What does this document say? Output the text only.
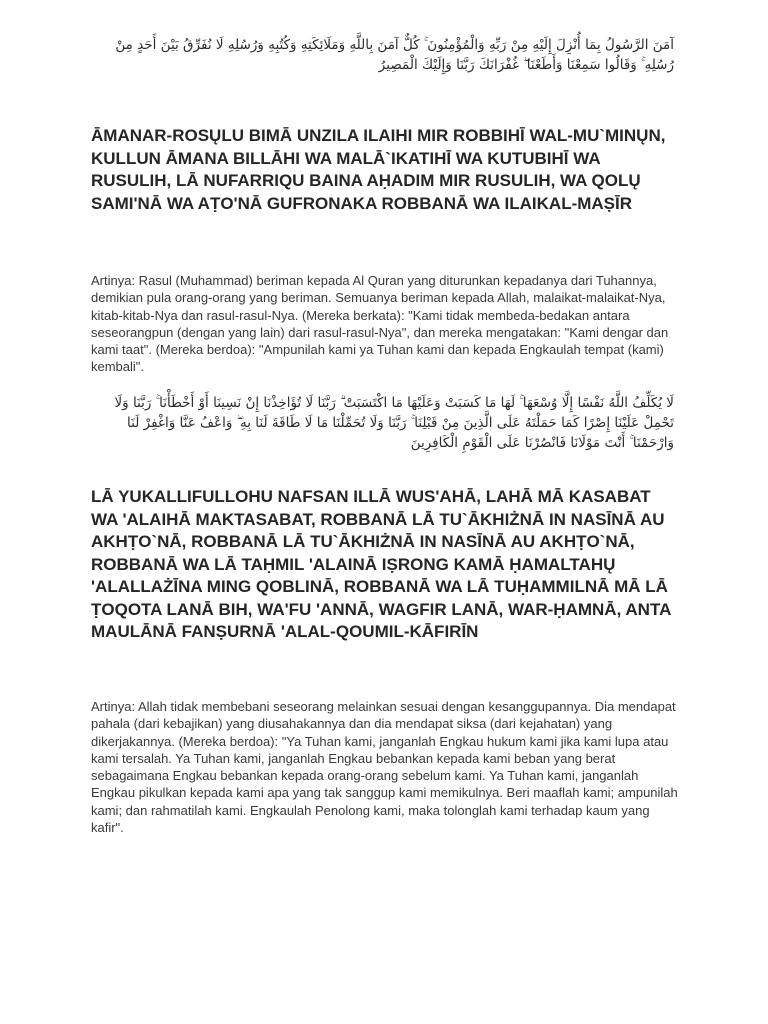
آمَنَ الرَّسُولُ بِمَا أُنْزِلَ إِلَيْهِ مِنْ رَبِّهِ وَالْمُؤْمِنُونَ ۚ كُلٌّ آمَنَ بِاللَّهِ وَمَلَائِكَتِهِ وَكُتُبِهِ وَرُسُلِهِ لَا نُفَرِّقُ بَيْنَ أَحَدٍ مِنْ رُسُلِهِ ۚ وَقَالُوا سَمِعْنَا وَأَطَعْنَا ۖ غُفْرَانَكَ رَبَّنَا وَإِلَيْكَ الْمَصِيرُ
ĀMANAR-ROSŲLU BIMĀ UNZILA ILAIHI MIR ROBBIHĪ WAL-MU`MINŲN, KULLUN ĀMANA BILLĀHI WA MALĀ`IKATIHĪ WA KUTUBIHĪ WA RUSULIH, LĀ NUFARRIQU BAINA AḤADIM MIR RUSULIH, WA QOLŲ SAMI'NĀ WA AṬO'NĀ GUFRONAKA ROBBANĀ WA ILAIKAL-MAṢĪR

Artinya: Rasul (Muhammad) beriman kepada Al Quran yang diturunkan kepadanya dari Tuhannya, demikian pula orang-orang yang beriman. Semuanya beriman kepada Allah, malaikat-malaikat-Nya, kitab-kitab-Nya dan rasul-rasul-Nya. (Mereka berkata): "Kami tidak membeda-bedakan antara seseorangpun (dengan yang lain) dari rasul-rasul-Nya", dan mereka mengatakan: "Kami dengar dan kami taat". (Mereka berdoa): "Ampunilah kami ya Tuhan kami dan kepada Engkaulah tempat (kami) kembali".

لَا يُكَلِّفُ اللَّهُ نَفْسًا إِلَّا وُسْعَهَا ۚ لَهَا مَا كَسَبَتْ وَعَلَيْهَا مَا اكْتَسَبَتْ ۗ رَبَّنَا لَا تُؤَاخِذْنَا إِنْ نَسِينَا أَوْ أَخْطَأْنَا ۚ رَبَّنَا وَلَا تَحْمِلْ عَلَيْنَا إِصْرًا كَمَا حَمَلْتَهُ عَلَى الَّذِينَ مِنْ قَبْلِنَا ۚ رَبَّنَا وَلَا تُحَمِّلْنَا مَا لَا طَاقَةَ لَنَا بِهِ ۖ وَاعْفُ عَنَّا وَاغْفِرْ لَنَا وَارْحَمْنَا ۚ أَنْتَ مَوْلَانَا فَانْصُرْنَا عَلَى الْقَوْمِ الْكَافِرِينَ
LĀ YUKALLIFULLOHU NAFSAN ILLĀ WUS'AHĀ, LAHĀ MĀ KASABAT WA 'ALAIHĀ MAKTASABAT, ROBBANĀ LĀ TU`ĀKHIŻNĀ IN NASĪNĀ AU AKHṬO`NĀ, ROBBANĀ LĀ TU`ĀKHIŻNĀ IN NASĪNĀ AU AKHṬO`NĀ, ROBBANĀ WA LĀ TAḤMIL 'ALAINĀ IṢRONG KAMĀ ḤAMALTAHŲ 'ALALLAŻĪNA MING QOBLINĀ, ROBBANĀ WA LĀ TUḤAMMILNĀ MĀ LĀ ṬOQOTA LANĀ BIH, WA'FU 'ANNĀ, WAGFIR LANĀ, WAR-ḤAMNĀ, ANTA MAULĀNĀ FANṢURNĀ 'ALAL-QOUMIL-KĀFIRĪN

Artinya: Allah tidak membebani seseorang melainkan sesuai dengan kesanggupannya. Dia mendapat pahala (dari kebajikan) yang diusahakannya dan dia mendapat siksa (dari kejahatan) yang dikerjakannya. (Mereka berdoa): "Ya Tuhan kami, janganlah Engkau hukum kami jika kami lupa atau kami tersalah. Ya Tuhan kami, janganlah Engkau bebankan kepada kami beban yang berat sebagaimana Engkau bebankan kepada orang-orang sebelum kami. Ya Tuhan kami, janganlah Engkau pikulkan kepada kami apa yang tak sanggup kami memikulnya. Beri maaflah kami; ampunilah kami; dan rahmatilah kami. Engkaulah Penolong kami, maka tolonglah kami terhadap kaum yang kafir".
